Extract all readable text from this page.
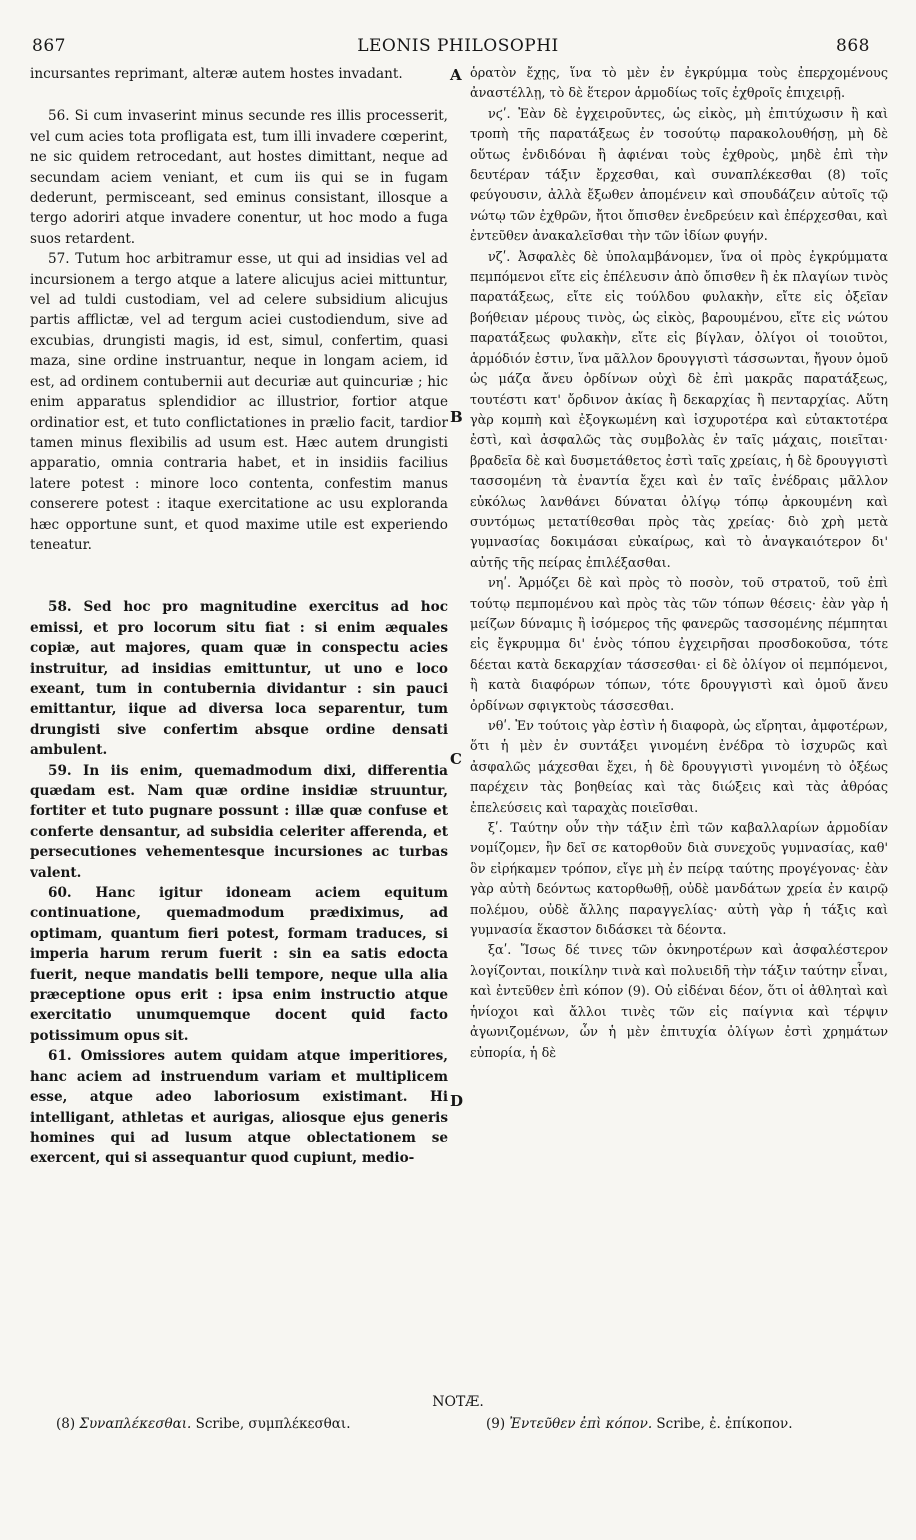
867	LEONIS PHILOSOPHI	868

incursantes reprimant, alteræ autem hostes invadant.

56. Si cum invaserint minus secunde res illis processerit, vel cum acies tota profligata est, tum illi invadere cœperint, ne sic quidem retrocedant, aut hostes dimittant, neque ad secundam aciem veniant, et cum iis qui se in fugam dederunt, permisceant, sed eminus consistant, illosque a tergo adoriri atque invadere conentur, ut hoc modo a fuga suos retardent.

57. Tutum hoc arbitramur esse, ut qui ad insidias vel ad incursionem a tergo atque a latere alicujus aciei mittuntur, vel ad tuldi custodiam, vel ad celere subsidium alicujus partis afflictæ, vel ad tergum aciei custodiendum, sive ad excubias, drungisti magis, id est, simul, confertim, quasi maza, sine ordine instruantur, neque in longam aciem, id est, ad ordinem contubernii aut decuriæ aut quincuriæ ; hic enim apparatus splendidior ac illustrior, fortior atque ordinatior est, et tuto conflictationes in prælio facit, tardior tamen minus flexibilis ad usum est. Hæc autem drungisti apparatio, omnia contraria habet, et in insidiis facilius latere potest : minore loco contenta, confestim manus conserere potest : itaque exercitatione ac usu exploranda hæc opportune sunt, et quod maxime utile est experiendo teneatur.

58. Sed hoc pro magnitudine exercitus ad hoc emissi, et pro locorum situ fiat : si enim æquales copiæ, aut majores, quam quæ in conspectu acies instruitur, ad insidias emittuntur, ut uno e loco exeant, tum in contubernia dividantur : sin pauci emittantur, iique ad diversa loca separentur, tum drungisti sive confertim absque ordine densati ambulent.

59. In iis enim, quemadmodum dixi, differentia quædam est. Nam quæ ordine insidiæ struuntur, fortiter et tuto pugnare possunt : illæ quæ confuse et conferte densantur, ad subsidia celeriter afferenda, et persecutiones vehementesque incursiones ac turbas valent.

60. Hanc igitur idoneam aciem equitum continuatione, quemadmodum prædiximus, ad optimam, quantum fieri potest, formam traduces, si imperia harum rerum fuerit : sin ea satis edocta fuerit, neque mandatis belli tempore, neque ulla alia præceptione opus erit : ipsa enim instructio atque exercitatio unumquemque docent quid facto potissimum opus sit.

61. Omissiores autem quidam atque imperitiores, hanc aciem ad instruendum variam et multiplicem esse, atque adeo laboriosum existimant. Hi intelligant, athletas et aurigas, aliosque ejus generis homines qui ad lusum atque oblectationem se exercent, qui si assequantur quod cupiunt, medio-

ὁρατὸν ἔχῃς, ἵνα τὸ μὲν ἐν ἐγκρύμμα τοὺς ἐπερχομένους ἀναστέλλῃ, τὸ δὲ ἕτερον ἁρμοδίως τοῖς ἐχθροῖς ἐπιχειρῇ.

νϛʹ. Ἐὰν δὲ ἐγχειροῦντες, ὡς εἰκὸς, μὴ ἐπιτύχωσιν ἢ καὶ τροπὴ τῆς παρατάξεως ἐν τοσούτῳ παρακολουθήσῃ, μὴ δὲ οὕτως ἐνδιδόναι ἢ ἀφιέναι τοὺς ἐχθροὺς, μηδὲ ἐπὶ τὴν δευτέραν τάξιν ἔρχεσθαι, καὶ συναπλέκεσθαι (8) τοῖς φεύγουσιν, ἀλλὰ ἔξωθεν ἀπομένειν καὶ σπουδάζειν αὐτοῖς τῷ νώτῳ τῶν ἐχθρῶν, ἤτοι ὄπισθεν ἐνεδρεύειν καὶ ἐπέρχεσθαι, καὶ ἐντεῦθεν ἀνακαλεῖσθαι τὴν τῶν ἰδίων φυγήν.

νζʹ. Ἀσφαλὲς δὲ ὑπολαμβάνομεν, ἵνα οἱ πρὸς ἐγκρύμματα πεμπόμενοι εἴτε εἰς ἐπέλευσιν ἀπὸ ὄπισθεν ἢ ἐκ πλαγίων τινὸς παρατάξεως, εἴτε εἰς τούλδου φυλακὴν, εἴτε εἰς ὀξεῖαν βοήθειαν μέρους τινὸς, ὡς εἰκὸς, βαρουμένου, εἴτε εἰς νώτου παρατάξεως φυλακὴν, εἴτε εἰς βίγλαν, ὀλίγοι οἱ τοιοῦτοι, ἁρμόδιόν ἐστιν, ἵνα μᾶλλον δρουγγιστὶ τάσσωνται, ἤγουν ὁμοῦ ὡς μάζα ἄνευ ὀρδίνων οὐχὶ δὲ ἐπὶ μακρᾶς παρατάξεως, τουτέστι κατ' ὄρδινον ἀκίας ἢ δεκαρχίας ἢ πενταρχίας. Αὕτη γὰρ κομπὴ καὶ ἐξογκωμένη καὶ ἰσχυροτέρα καὶ εὐτακτοτέρα ἐστὶ, καὶ ἀσφαλῶς τὰς συμβολὰς ἐν ταῖς μάχαις, ποιεῖται· βραδεῖα δὲ καὶ δυσμετάθετος ἐστὶ ταῖς χρείαις, ἡ δὲ δρουγγιστὶ τασσομένη τὰ ἐναντία ἔχει καὶ ἐν ταῖς ἐνέδραις μᾶλλον εὐκόλως λανθάνει δύναται ὀλίγῳ τόπῳ ἀρκουμένη καὶ συντόμως μετατίθεσθαι πρὸς τὰς χρείας· διὸ χρὴ μετὰ γυμνασίας δοκιμάσαι εὐκαίρως, καὶ τὸ ἀναγκαιότερον δι' αὐτῆς τῆς πείρας ἐπιλέξασθαι.

νηʹ. Ἁρμόζει δὲ καὶ πρὸς τὸ ποσὸν, τοῦ στρατοῦ, τοῦ ἐπὶ τούτῳ πεμπομένου καὶ πρὸς τὰς τῶν τόπων θέσεις· ἐὰν γὰρ ἡ μείζων δύναμις ἢ ἰσόμερος τῆς φανερῶς τασσομένης πέμπηται εἰς ἔγκρυμμα δι' ἑνὸς τόπου ἐγχειρῆσαι προσδοκοῦσα, τότε δέεται κατὰ δεκαρχίαν τάσσεσθαι· εἰ δὲ ὀλίγον οἱ πεμπόμενοι, ἢ κατὰ διαφόρων τόπων, τότε δρουγγιστὶ καὶ ὁμοῦ ἄνευ ὀρδίνων σφιγκτοὺς τάσσεσθαι.

νθʹ. Ἐν τούτοις γὰρ ἐστὶν ἡ διαφορὰ, ὡς εἴρηται, ἀμφοτέρων, ὅτι ἡ μὲν ἐν συντάξει γινομένη ἐνέδρα τὸ ἰσχυρῶς καὶ ἀσφαλῶς μάχεσθαι ἔχει, ἡ δὲ δρουγγιστὶ γινομένη τὸ ὀξέως παρέχειν τὰς βοηθείας καὶ τὰς διώξεις καὶ τὰς ἀθρόας ἐπελεύσεις καὶ ταραχὰς ποιεῖσθαι.

ξʹ. Ταύτην οὖν τὴν τάξιν ἐπὶ τῶν καβαλλαρίων ἁρμοδίαν νομίζομεν, ἣν δεῖ σε κατορθοῦν διὰ συνεχοῦς γυμνασίας, καθ' ὃν εἰρήκαμεν τρόπον, εἴγε μὴ ἐν πείρᾳ ταύτης προγέγονας· ἐὰν γὰρ αὐτὴ δεόντως κατορθωθῇ, οὐδὲ μανδάτων χρεία ἐν καιρῷ πολέμου, οὐδὲ ἄλλης παραγγελίας· αὐτὴ γὰρ ἡ τάξις καὶ γυμνασία ἕκαστον διδάσκει τὰ δέοντα.

ξαʹ. Ἴσως δέ τινες τῶν ὀκνηροτέρων καὶ ἀσφαλέστερον λογίζονται, ποικίλην τινὰ καὶ πολυειδῆ τὴν τάξιν ταύτην εἶναι, καὶ ἐντεῦθεν ἐπὶ κόπον (9). Οὐ εἰδέναι δέον, ὅτι οἱ ἀθληταὶ καὶ ἡνίοχοι καὶ ἄλλοι τινὲς τῶν εἰς παίγνια καὶ τέρψιν ἀγωνιζομένων, ὧν ἡ μὲν ἐπιτυχία ὀλίγων ἐστὶ χρημάτων εὐπορία, ἡ δὲ

A
B
C
D
NOTÆ.
(8) Συναπλέκεσθαι. Scribe, συμπλέκεσθαι.	(9) Ἐντεῦθεν ἐπὶ κόπον. Scribe, ἐ. ἐπίκοπον.
